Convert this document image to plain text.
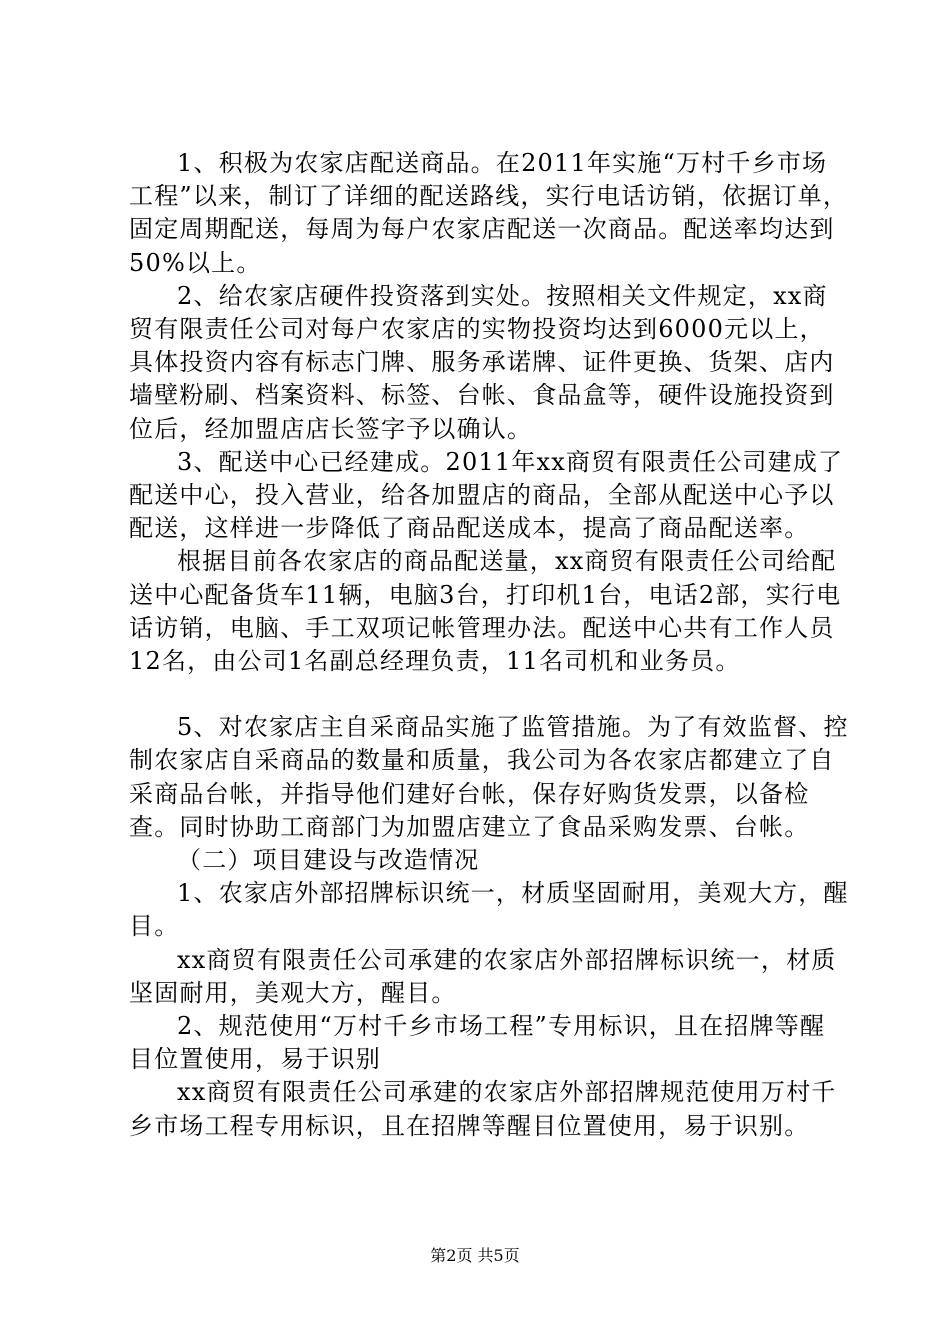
1、积极为农家店配送商品。在2011年实施“万村千乡市场工程”以来，制订了详细的配送路线，实行电话访销，依据订单，固定周期配送，每周为每户农家店配送一次商品。配送率均达到50%以上。

2、给农家店硬件投资落到实处。按照相关文件规定，xx商贸有限责任公司对每户农家店的实物投资均达到6000元以上，具体投资内容有标志门牌、服务承诺牌、证件更换、货架、店内墙壁粉刷、档案资料、标签、台帐、食品盒等，硬件设施投资到位后，经加盟店店长签字予以确认。

3、配送中心已经建成。2011年xx商贸有限责任公司建成了配送中心，投入营业，给各加盟店的商品，全部从配送中心予以配送，这样进一步降低了商品配送成本，提高了商品配送率。

根据目前各农家店的商品配送量，xx商贸有限责任公司给配送中心配备货车11辆，电脑3台，打印机1台，电话2部，实行电话访销，电脑、手工双项记帐管理办法。配送中心共有工作人员12名，由公司1名副总经理负责，11名司机和业务员。

5、对农家店主自采商品实施了监管措施。为了有效监督、控制农家店自采商品的数量和质量，我公司为各农家店都建立了自采商品台帐，并指导他们建好台帐，保存好购货发票，以备检查。同时协助工商部门为加盟店建立了食品采购发票、台帐。

（二）项目建设与改造情况

1、农家店外部招牌标识统一，材质坚固耐用，美观大方，醒目。

xx商贸有限责任公司承建的农家店外部招牌标识统一，材质坚固耐用，美观大方，醒目。

2、规范使用“万村千乡市场工程”专用标识，且在招牌等醒目位置使用，易于识别

xx商贸有限责任公司承建的农家店外部招牌规范使用万村千乡市场工程专用标识，且在招牌等醒目位置使用，易于识别。

第2页 共5页
